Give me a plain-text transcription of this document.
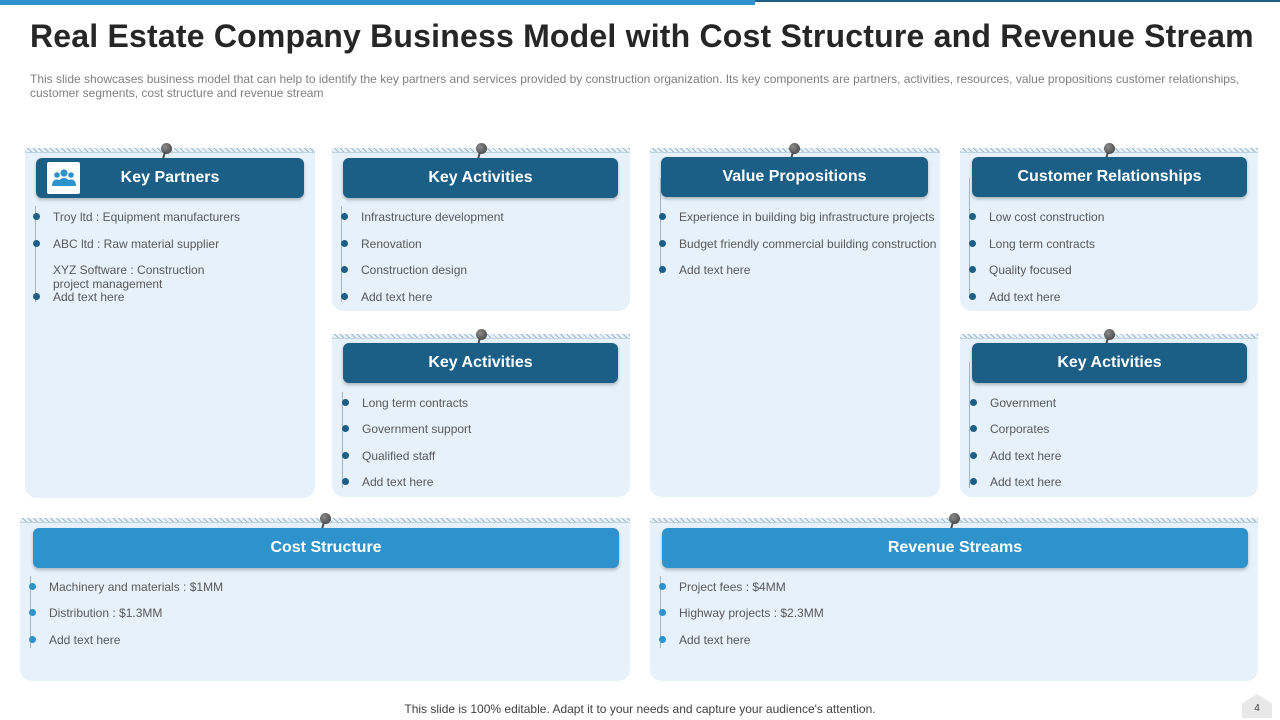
Real Estate Company Business Model with Cost Structure and Revenue Stream

This slide showcases business model that can help to identify the key partners and services provided by construction organization. Its key components are partners, activities, resources, value propositions customer relationships, customer segments, cost structure and revenue stream

Key Partners
Troy ltd : Equipment manufacturers
ABC ltd : Raw material supplier
XYZ Software : Construction
project management
Add text here
Key Activities
Infrastructure development
Renovation
Construction design
Add text here
Key Activities
Long term contracts
Government support
Qualified staff
Add text here
Value Propositions
Experience in building big infrastructure projects
Budget friendly commercial building construction
Add text here
Customer Relationships
Low cost construction
Long term contracts
Quality focused
Add text here
Key Activities
Government
Corporates
Add text here
Add text here
Cost Structure
Machinery and materials : $1MM
Distribution : $1.3MM
Add text here
Revenue Streams
Project fees : $4MM
Highway projects : $2.3MM
Add text here
This slide is 100% editable. Adapt it to your needs and capture your audience's attention.	4
